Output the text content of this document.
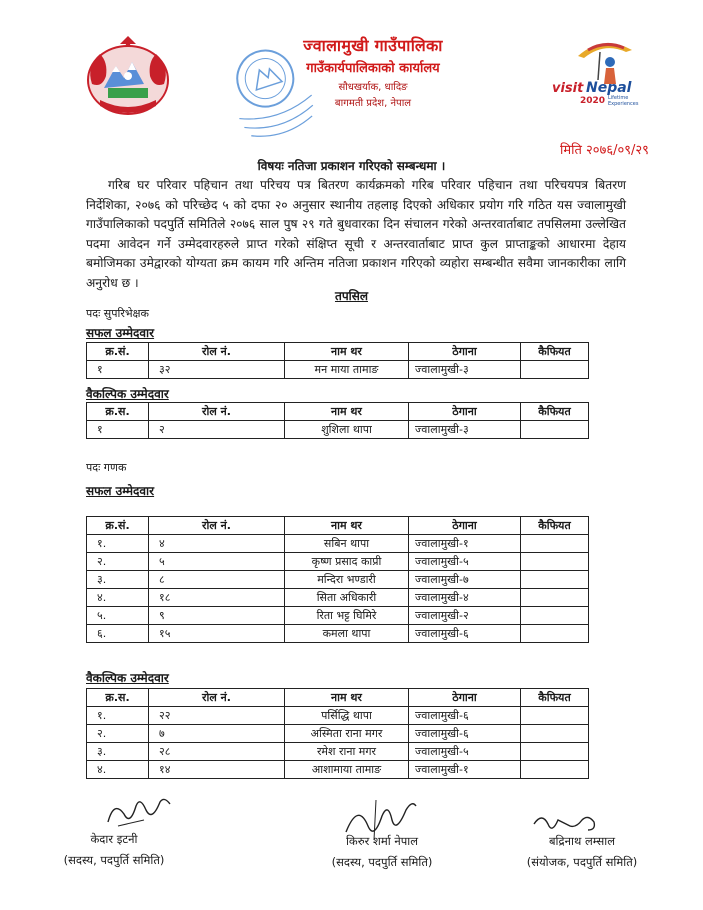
ज्वालामुखी गाउँपालिका
गाउँकार्यपालिकाको कार्यालय
सौधखर्याक, धादिङ
बागमती प्रदेश, नेपाल
visit Nepal
2020 Lifetime
Experiences
मिति २०७६/०९/२९
विषयः नतिजा प्रकाशन गरिएको सम्बन्धमा ।
गरिब घर परिवार पहिचान तथा परिचय पत्र बितरण कार्यक्रमको गरिब परिवार पहिचान तथा परिचयपत्र बितरण निर्देशिका, २०७६ को परिच्छेद ५ को दफा २० अनुसार स्थानीय तहलाइ दिएको अधिकार प्रयोग गरि गठित यस ज्वालामुखी गाउँपालिकाको पदपुर्ति समितिले २०७६ साल पुष २९ गते बुधवारका दिन संचालन गरेको अन्तरवार्ताबाट तपसिलमा उल्लेखित पदमा आवेदन गर्ने उम्मेदवारहरुले प्राप्त गरेको संक्षिप्त सूची र अन्तरवार्ताबाट प्राप्त कुल प्राप्ताङ्कको आधारमा देहाय बमोजिमका उमेद्वारको योग्यता क्रम कायम गरि अन्तिम नतिजा प्रकाशन गरिएको व्यहोरा सम्बन्धीत सवैमा जानकारीका लागि अनुरोध छ ।
तपसिल
पदः सुपरिभेक्षक
सफल उम्मेदवार
क्र.सं.	रोल नं.	नाम थर	ठेगाना	कैफियत
१	३२	मन माया तामाङ	ज्वालामुखी-३	
वैकल्पिक उम्मेदवार
क्र.स.	रोल नं.	नाम थर	ठेगाना	कैफियत
१	२	शुशिला थापा	ज्वालामुखी-३	
पदः गणक
सफल उम्मेदवार
क्र.सं.	रोल नं.	नाम थर	ठेगाना	कैफियत
१.	४	सबिन थापा	ज्वालामुखी-१	
२.	५	कृष्ण प्रसाद काप्री	ज्वालामुखी-५	
३.	८	मन्दिरा भण्डारी	ज्वालामुखी-७	
४.	१८	सिता अधिकारी	ज्वालामुखी-४	
५.	९	रिता भट्ट घिमिरे	ज्वालामुखी-२	
६.	१५	कमला थापा	ज्वालामुखी-६	
वैकल्पिक उम्मेदवार
क्र.स.	रोल नं.	नाम थर	ठेगाना	कैफियत
१.	२२	पर्सिद्धि थापा	ज्वालामुखी-६	
२.	७	अस्मिता राना मगर	ज्वालामुखी-६	
३.	२८	रमेश राना मगर	ज्वालामुखी-५	
४.	१४	आशामाया तामाङ	ज्वालामुखी-१	
केदार इटनी
(सदस्य, पदपुर्ति समिति)
किरुर शर्मा नेपाल
(सदस्य, पदपुर्ति समिति)
बद्रिनाथ लम्साल
(संयोजक, पदपुर्ति समिति)
